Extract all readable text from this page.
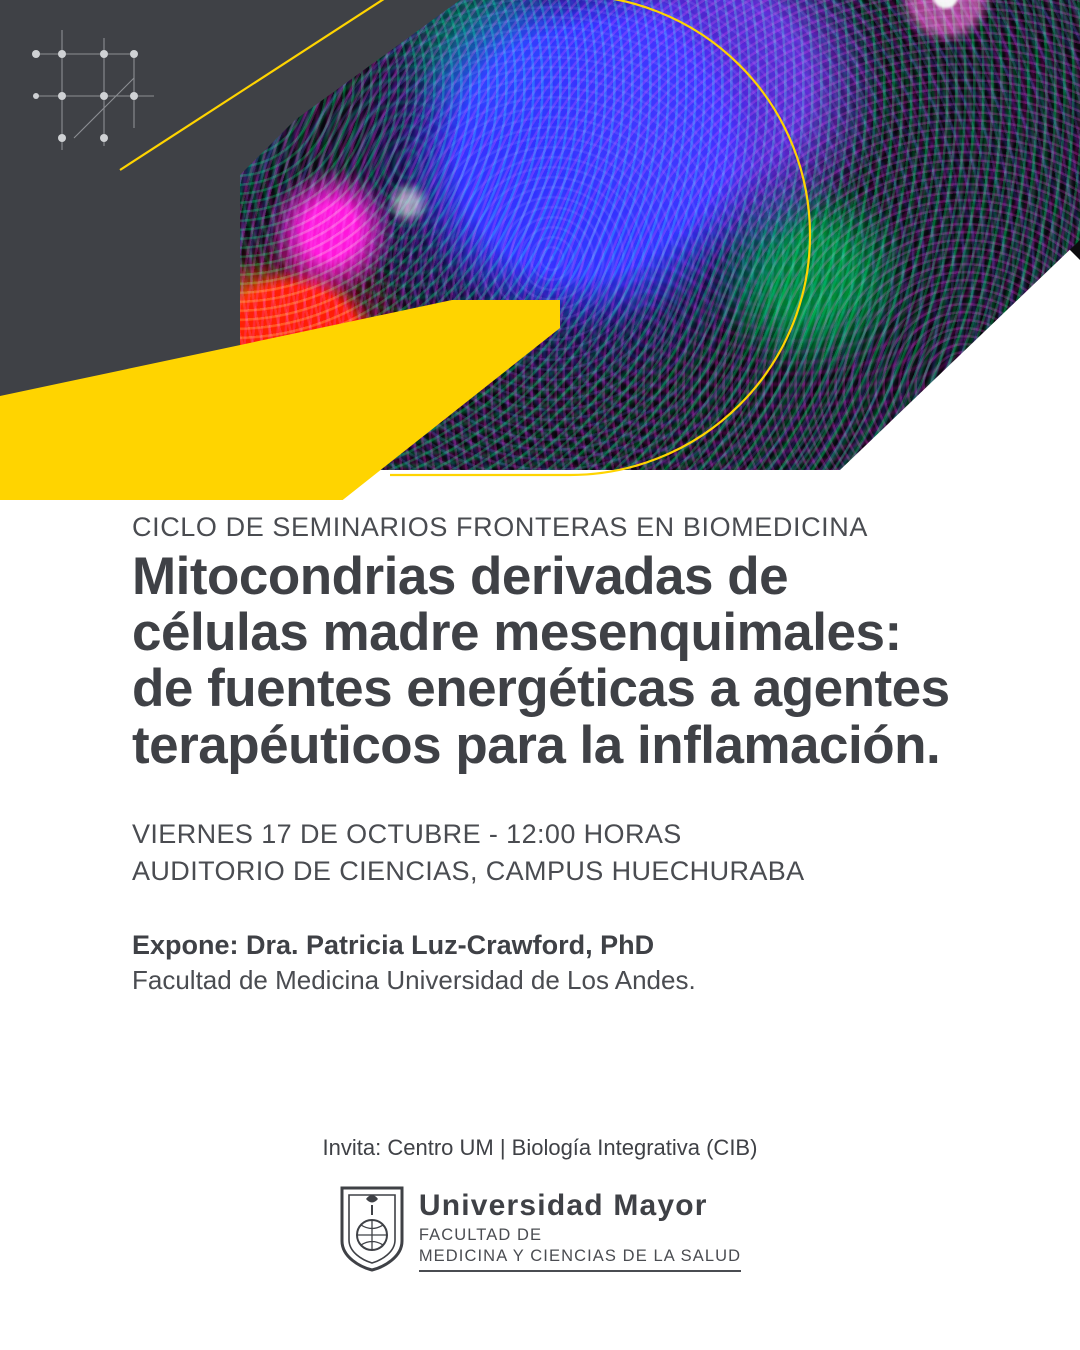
CICLO DE SEMINARIOS FRONTERAS EN BIOMEDICINA
Mitocondrias derivadas de células madre mesenquimales: de fuentes energéticas a agentes terapéuticos para la inflamación.
VIERNES 17 DE OCTUBRE - 12:00 HORAS
AUDITORIO DE CIENCIAS, CAMPUS HUECHURABA
Expone: Dra. Patricia Luz-Crawford, PhD
Facultad de Medicina Universidad de Los Andes.
Invita: Centro UM | Biología Integrativa (CIB)
Universidad Mayor
FACULTAD DE
MEDICINA Y CIENCIAS DE LA SALUD
